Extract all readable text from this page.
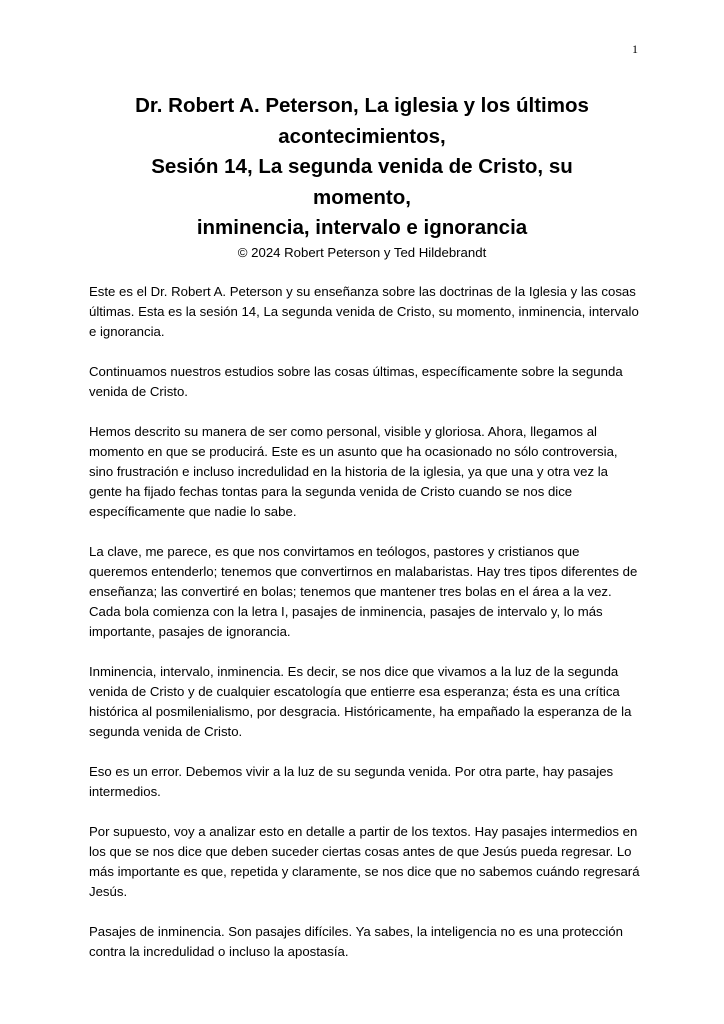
1
Dr. Robert A. Peterson, La iglesia y los últimos
acontecimientos,
Sesión 14, La segunda venida de Cristo, su
momento,
inminencia, intervalo e ignorancia
© 2024 Robert Peterson y Ted Hildebrandt

Este es el Dr. Robert A. Peterson y su enseñanza sobre las doctrinas de la Iglesia y las cosas últimas. Esta es la sesión 14, La segunda venida de Cristo, su momento, inminencia, intervalo e ignorancia.

Continuamos nuestros estudios sobre las cosas últimas, específicamente sobre la segunda venida de Cristo.

Hemos descrito su manera de ser como personal, visible y gloriosa. Ahora, llegamos al momento en que se producirá. Este es un asunto que ha ocasionado no sólo controversia, sino frustración e incluso incredulidad en la historia de la iglesia, ya que una y otra vez la gente ha fijado fechas tontas para la segunda venida de Cristo cuando se nos dice específicamente que nadie lo sabe.

La clave, me parece, es que nos convirtamos en teólogos, pastores y cristianos que queremos entenderlo; tenemos que convertirnos en malabaristas. Hay tres tipos diferentes de enseñanza; las convertiré en bolas; tenemos que mantener tres bolas en el área a la vez. Cada bola comienza con la letra I, pasajes de inminencia, pasajes de intervalo y, lo más importante, pasajes de ignorancia.

Inminencia, intervalo, inminencia. Es decir, se nos dice que vivamos a la luz de la segunda venida de Cristo y de cualquier escatología que entierre esa esperanza; ésta es una crítica histórica al posmilenialismo, por desgracia. Históricamente, ha empañado la esperanza de la segunda venida de Cristo.

Eso es un error. Debemos vivir a la luz de su segunda venida. Por otra parte, hay pasajes intermedios.

Por supuesto, voy a analizar esto en detalle a partir de los textos. Hay pasajes intermedios en los que se nos dice que deben suceder ciertas cosas antes de que Jesús pueda regresar. Lo más importante es que, repetida y claramente, se nos dice que no sabemos cuándo regresará Jesús.

Pasajes de inminencia. Son pasajes difíciles. Ya sabes, la inteligencia no es una protección contra la incredulidad o incluso la apostasía.
